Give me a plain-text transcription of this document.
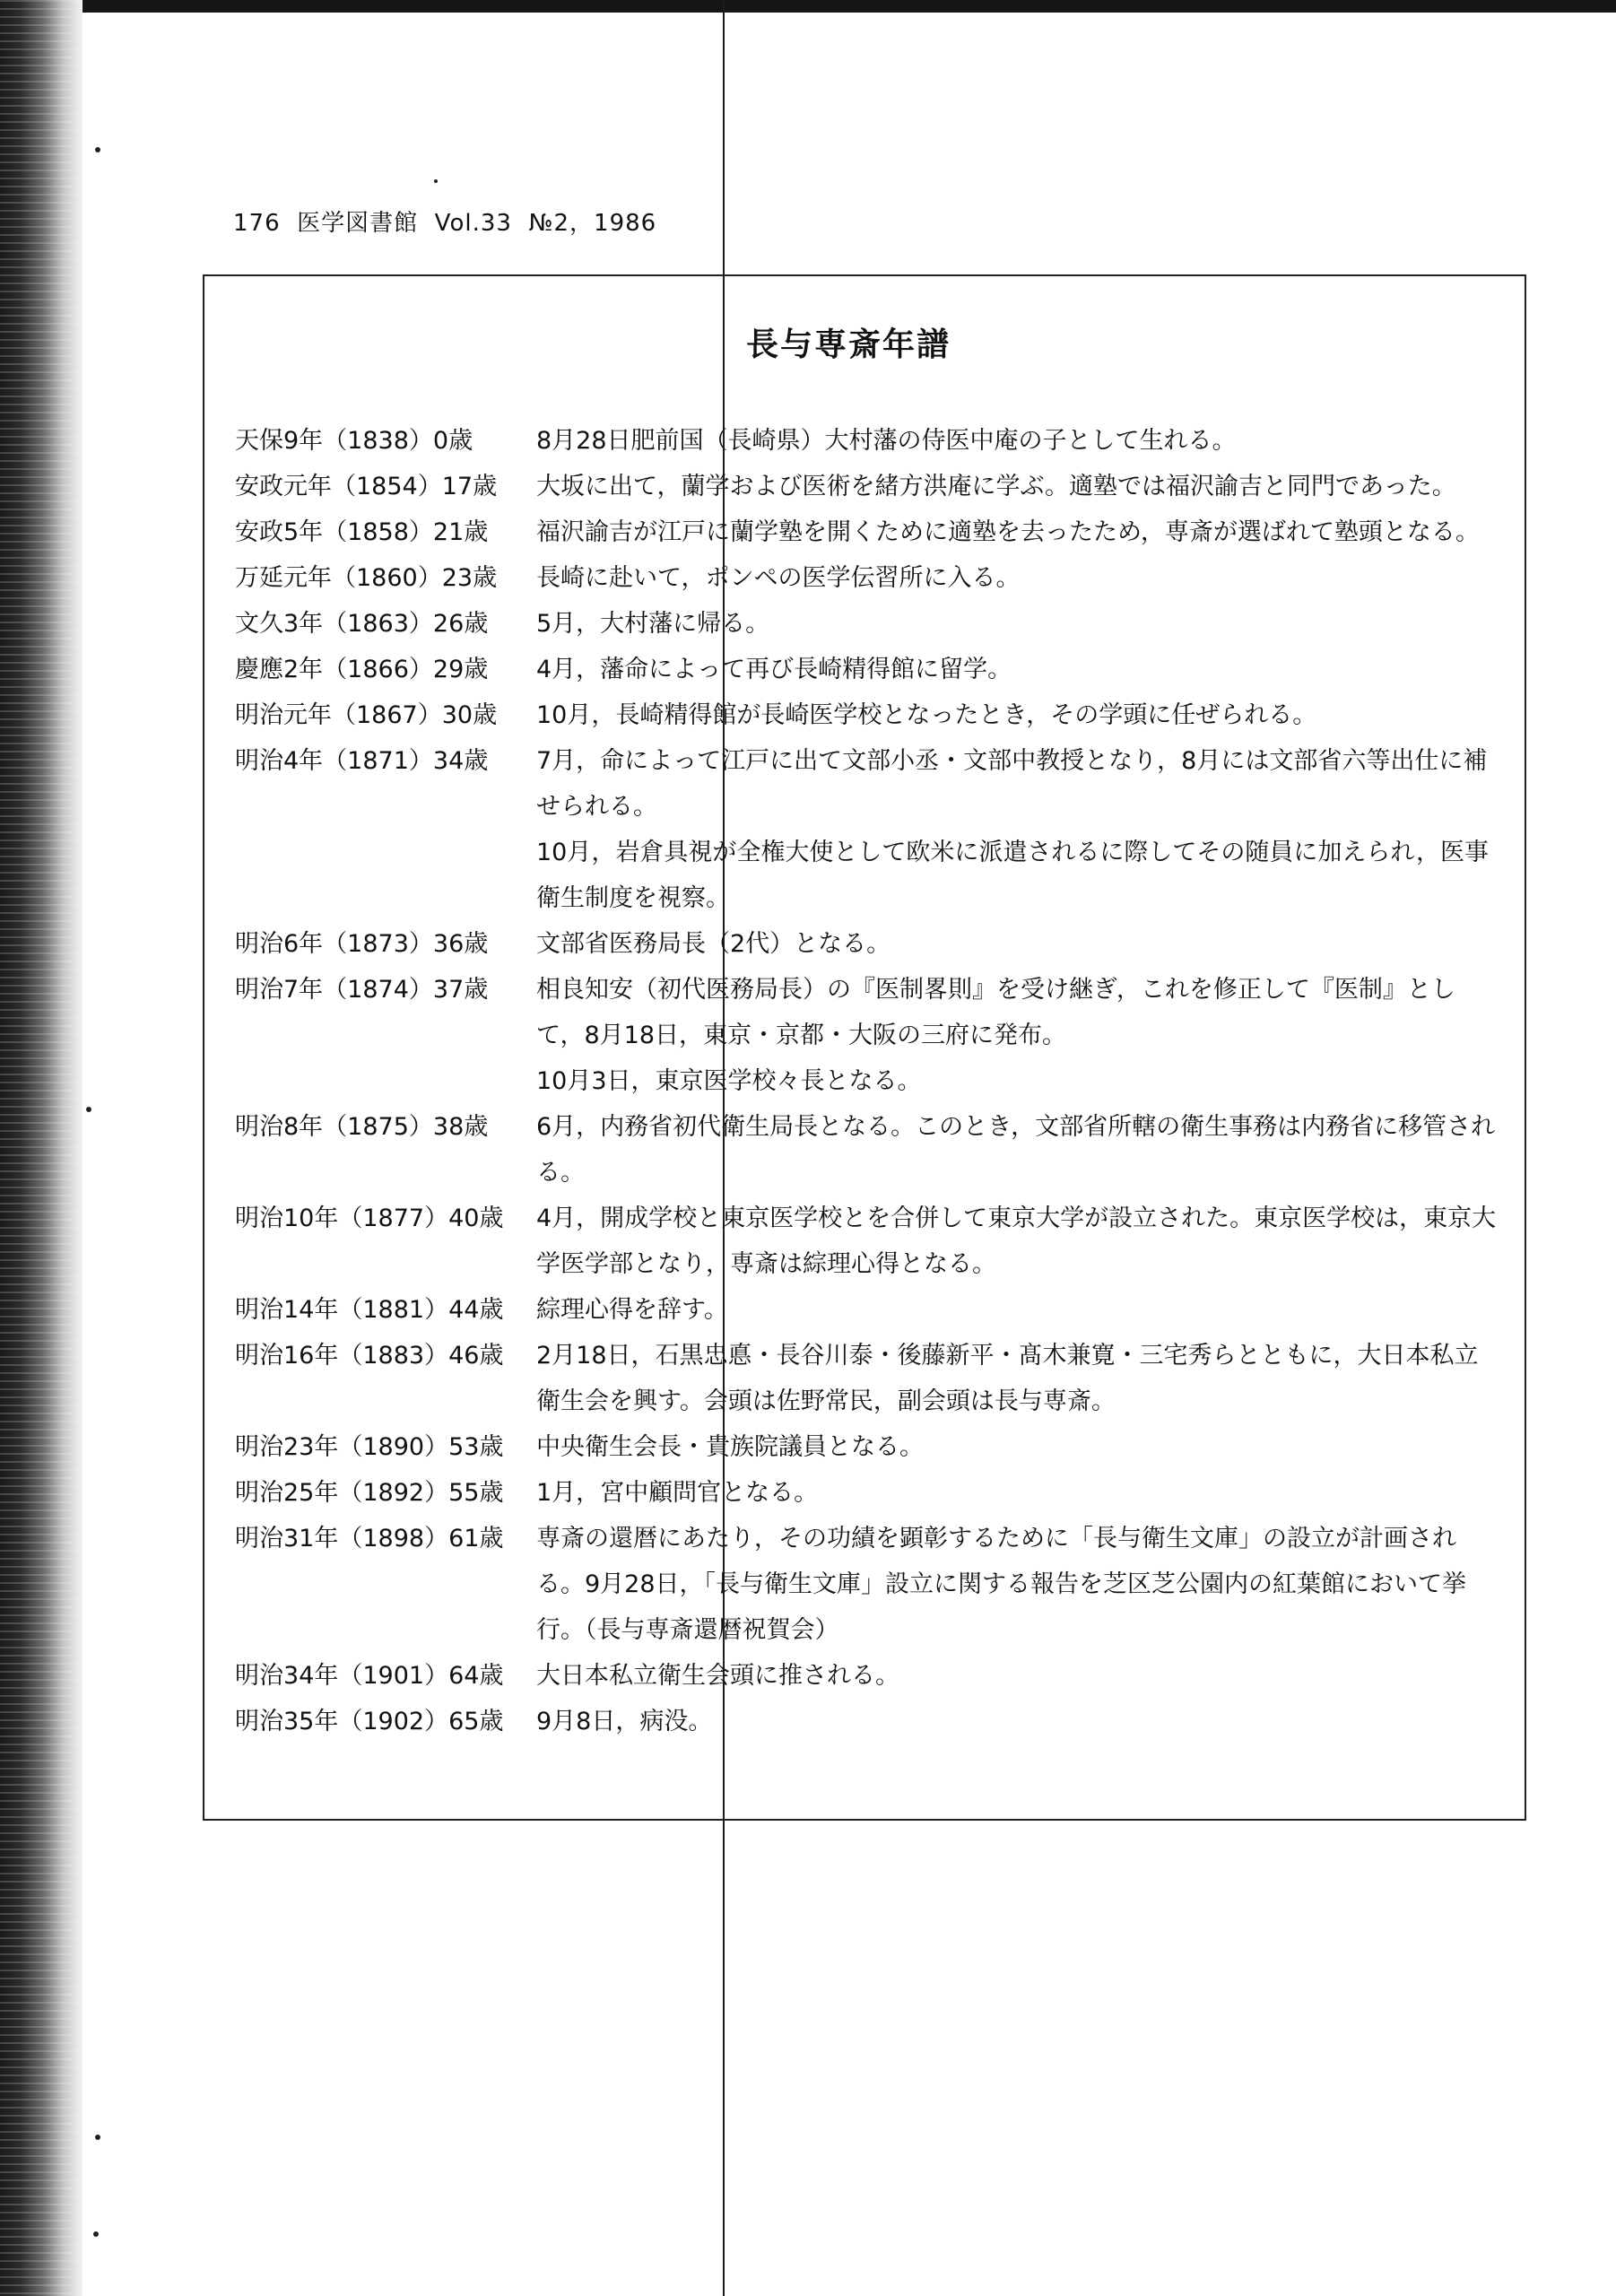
176  医学図書館  Vol.33  №2，1986
長与専斎年譜
天保9年（1838）0歳	8月28日肥前国（長崎県）大村藩の侍医中庵の子として生れる。
安政元年（1854）17歳	大坂に出て，蘭学および医術を緒方洪庵に学ぶ。適塾では福沢諭吉と同門であった。
安政5年（1858）21歳	福沢諭吉が江戸に蘭学塾を開くために適塾を去ったため，専斎が選ばれて塾頭となる。
万延元年（1860）23歳	長崎に赴いて，ポンペの医学伝習所に入る。
文久3年（1863）26歳	5月，大村藩に帰る。
慶應2年（1866）29歳	4月，藩命によって再び長崎精得館に留学。
明治元年（1867）30歳	10月，長崎精得館が長崎医学校となったとき，その学頭に任ぜられる。
明治4年（1871）34歳	7月，命によって江戸に出て文部小丞・文部中教授となり，8月には文部省六等出仕に補せられる。
10月，岩倉具視が全権大使として欧米に派遣されるに際してその随員に加えられ，医事衛生制度を視察。
明治6年（1873）36歳	文部省医務局長（2代）となる。
明治7年（1874）37歳	相良知安（初代医務局長）の『医制畧則』を受け継ぎ，これを修正して『医制』として，8月18日，東京・京都・大阪の三府に発布。
10月3日，東京医学校々長となる。
明治8年（1875）38歳	6月，内務省初代衛生局長となる。このとき，文部省所轄の衛生事務は内務省に移管される。
明治10年（1877）40歳	4月，開成学校と東京医学校とを合併して東京大学が設立された。東京医学校は，東京大学医学部となり，専斎は綜理心得となる。
明治14年（1881）44歳	綜理心得を辞す。
明治16年（1883）46歳	2月18日，石黒忠悳・長谷川泰・後藤新平・髙木兼寛・三宅秀らとともに，大日本私立衛生会を興す。会頭は佐野常民，副会頭は長与専斎。
明治23年（1890）53歳	中央衛生会長・貴族院議員となる。
明治25年（1892）55歳	1月，宮中顧問官となる。
明治31年（1898）61歳	専斎の還暦にあたり，その功績を顕彰するために「長与衛生文庫」の設立が計画される。9月28日，「長与衛生文庫」設立に関する報告を芝区芝公園内の紅葉館において挙行。（長与専斎還暦祝賀会）
明治34年（1901）64歳	大日本私立衛生会頭に推される。
明治35年（1902）65歳	9月8日，病没。
